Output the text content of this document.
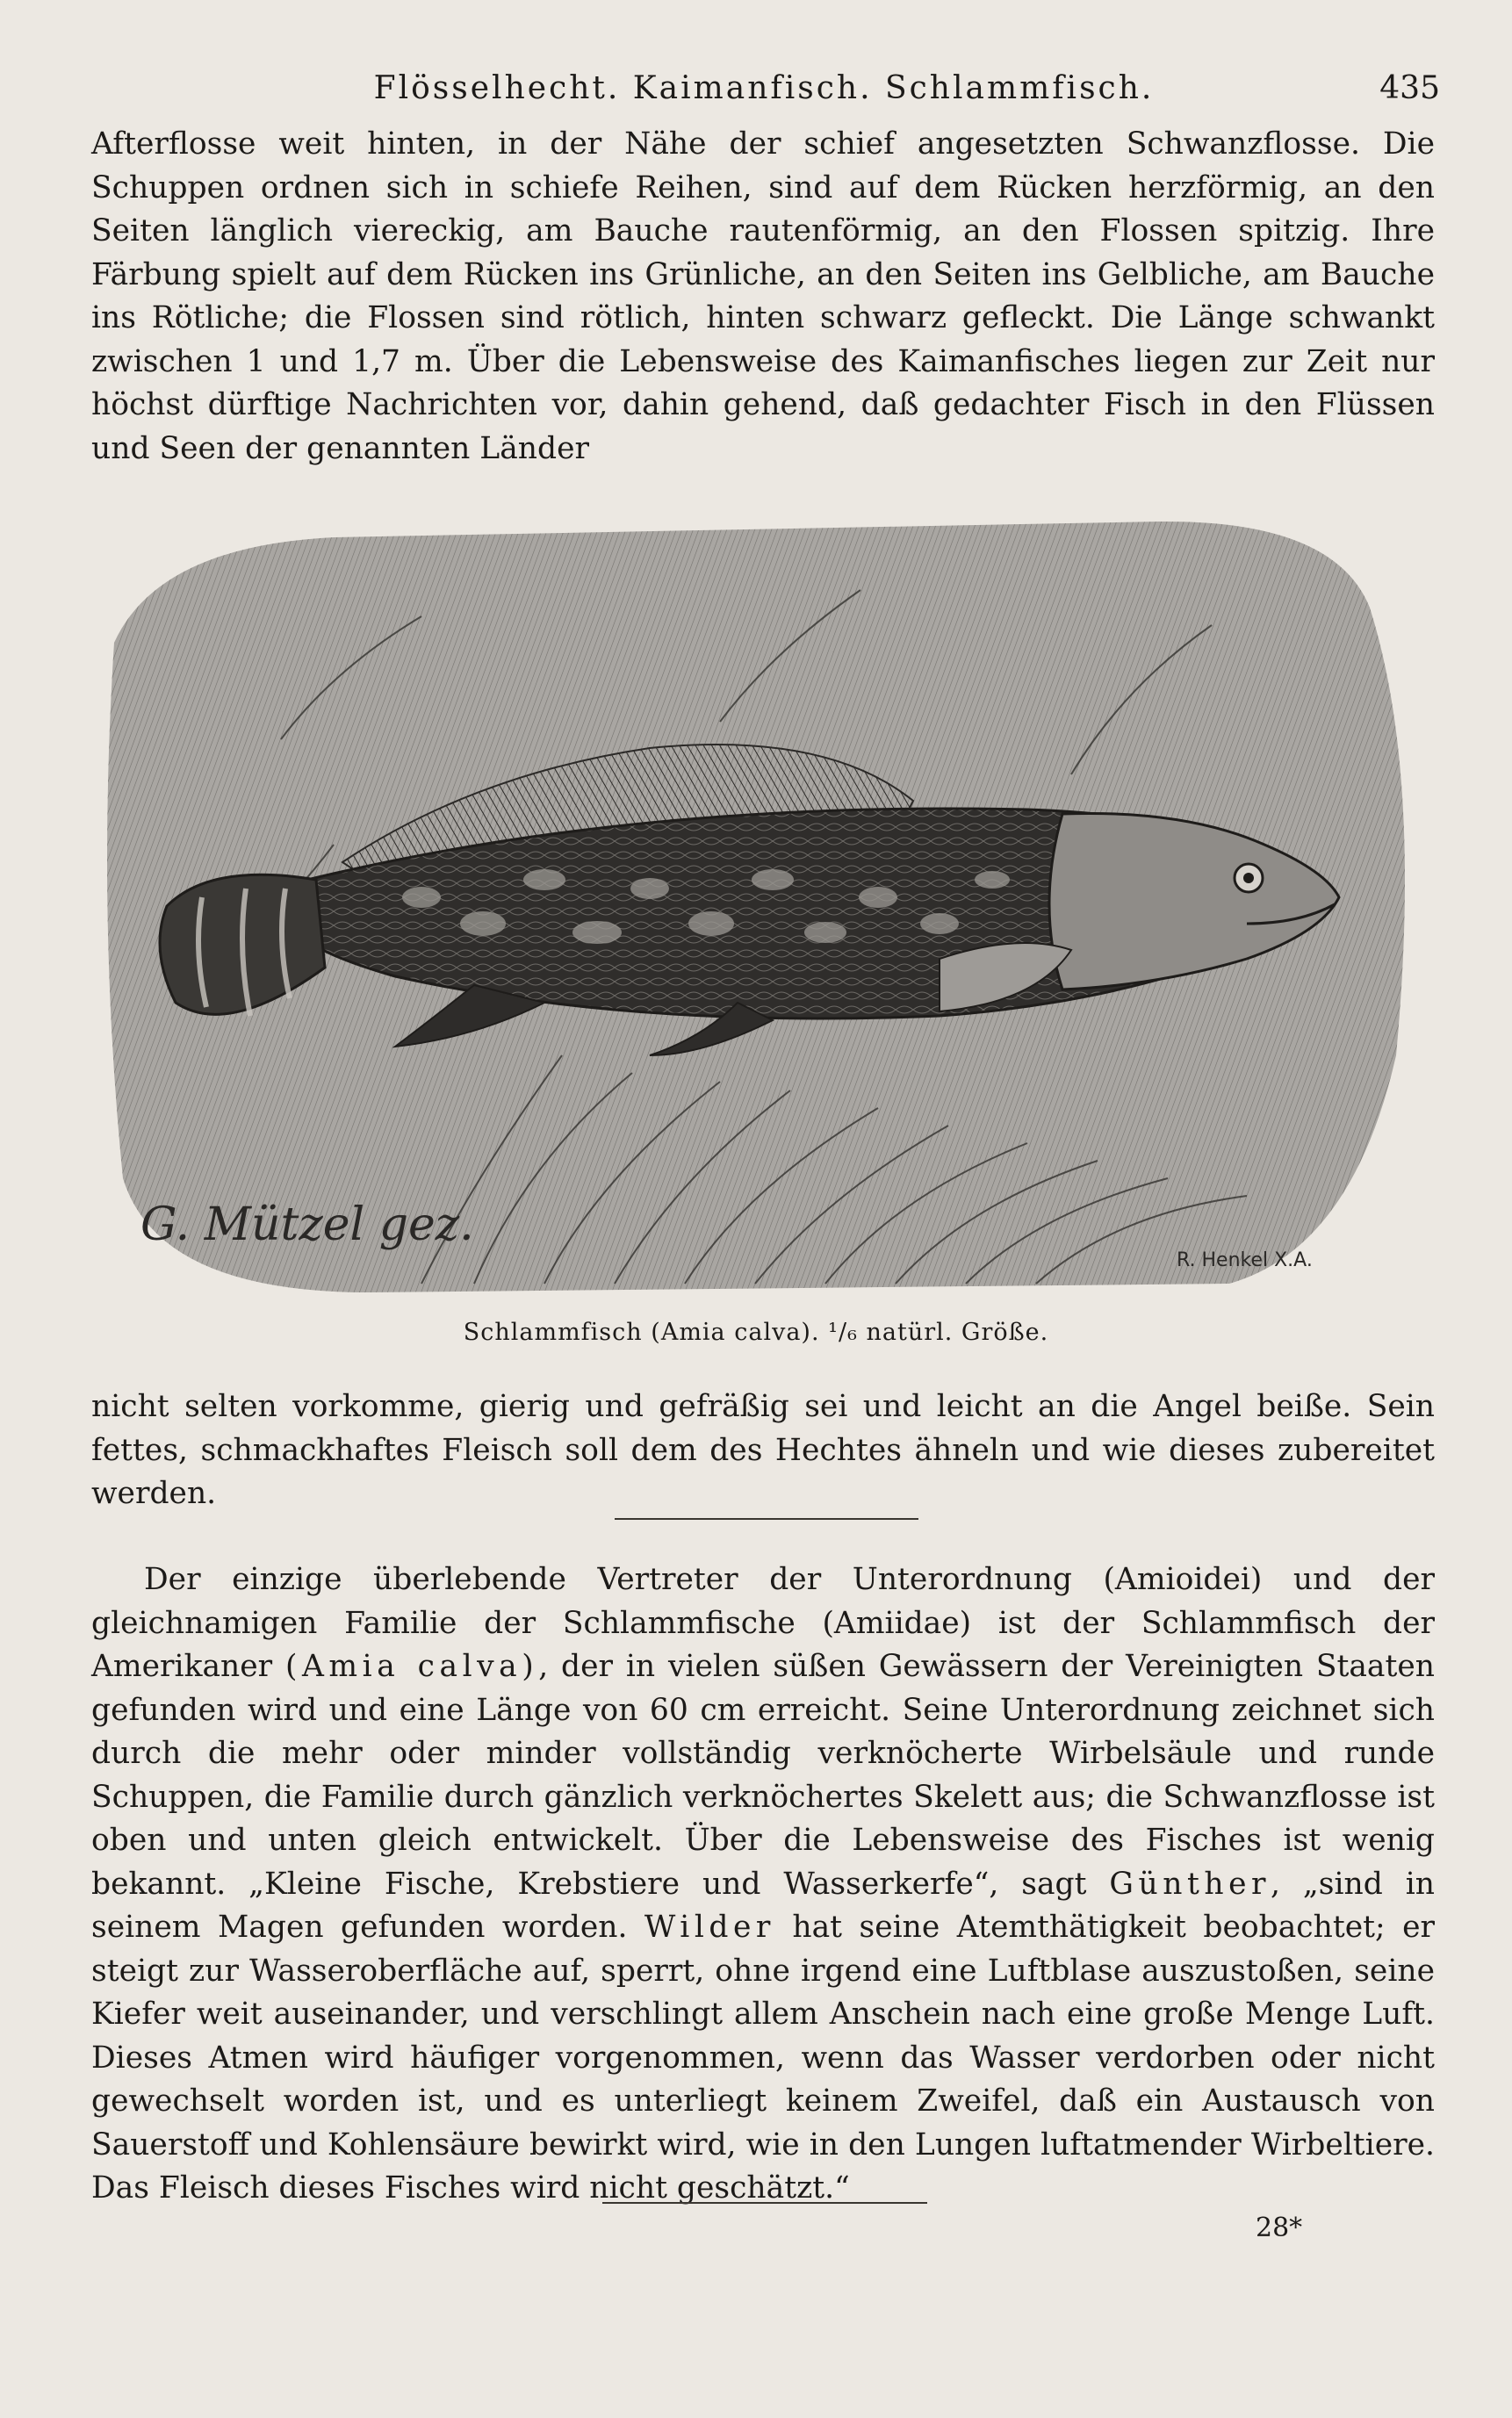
Flösselhecht. Kaimanfisch. Schlammfisch.	435

Afterflosse weit hinten, in der Nähe der schief angesetzten Schwanzflosse. Die Schuppen ordnen sich in schiefe Reihen, sind auf dem Rücken herzförmig, an den Seiten länglich viereckig, am Bauche rautenförmig, an den Flossen spitzig. Ihre Färbung spielt auf dem Rücken ins Grünliche, an den Seiten ins Gelbliche, am Bauche ins Rötliche; die Flossen sind rötlich, hinten schwarz gefleckt. Die Länge schwankt zwischen 1 und 1,7 m. Über die Lebensweise des Kaimanfisches liegen zur Zeit nur höchst dürftige Nachrichten vor, dahin gehend, daß gedachter Fisch in den Flüssen und Seen der genannten Länder

G. Mützel gez.
R. Henkel X.A.
Schlammfisch (Amia calva). ¹/₆ natürl. Größe.

nicht selten vorkomme, gierig und gefräßig sei und leicht an die Angel beiße. Sein fettes, schmackhaftes Fleisch soll dem des Hechtes ähneln und wie dieses zubereitet werden.

Der einzige überlebende Vertreter der Unterordnung (Amioidei) und der gleichnamigen Familie der Schlammfische (Amiidae) ist der Schlammfisch der Amerikaner (Amia calva), der in vielen süßen Gewässern der Vereinigten Staaten gefunden wird und eine Länge von 60 cm erreicht. Seine Unterordnung zeichnet sich durch die mehr oder minder vollständig verknöcherte Wirbelsäule und runde Schuppen, die Familie durch gänzlich verknöchertes Skelett aus; die Schwanzflosse ist oben und unten gleich entwickelt. Über die Lebensweise des Fisches ist wenig bekannt. „Kleine Fische, Krebstiere und Wasserkerfe“, sagt Günther, „sind in seinem Magen gefunden worden. Wilder hat seine Atemthätigkeit beobachtet; er steigt zur Wasseroberfläche auf, sperrt, ohne irgend eine Luftblase auszustoßen, seine Kiefer weit auseinander, und verschlingt allem Anschein nach eine große Menge Luft. Dieses Atmen wird häufiger vorgenommen, wenn das Wasser verdorben oder nicht gewechselt worden ist, und es unterliegt keinem Zweifel, daß ein Austausch von Sauerstoff und Kohlensäure bewirkt wird, wie in den Lungen luftatmender Wirbeltiere. Das Fleisch dieses Fisches wird nicht geschätzt.“

28*
